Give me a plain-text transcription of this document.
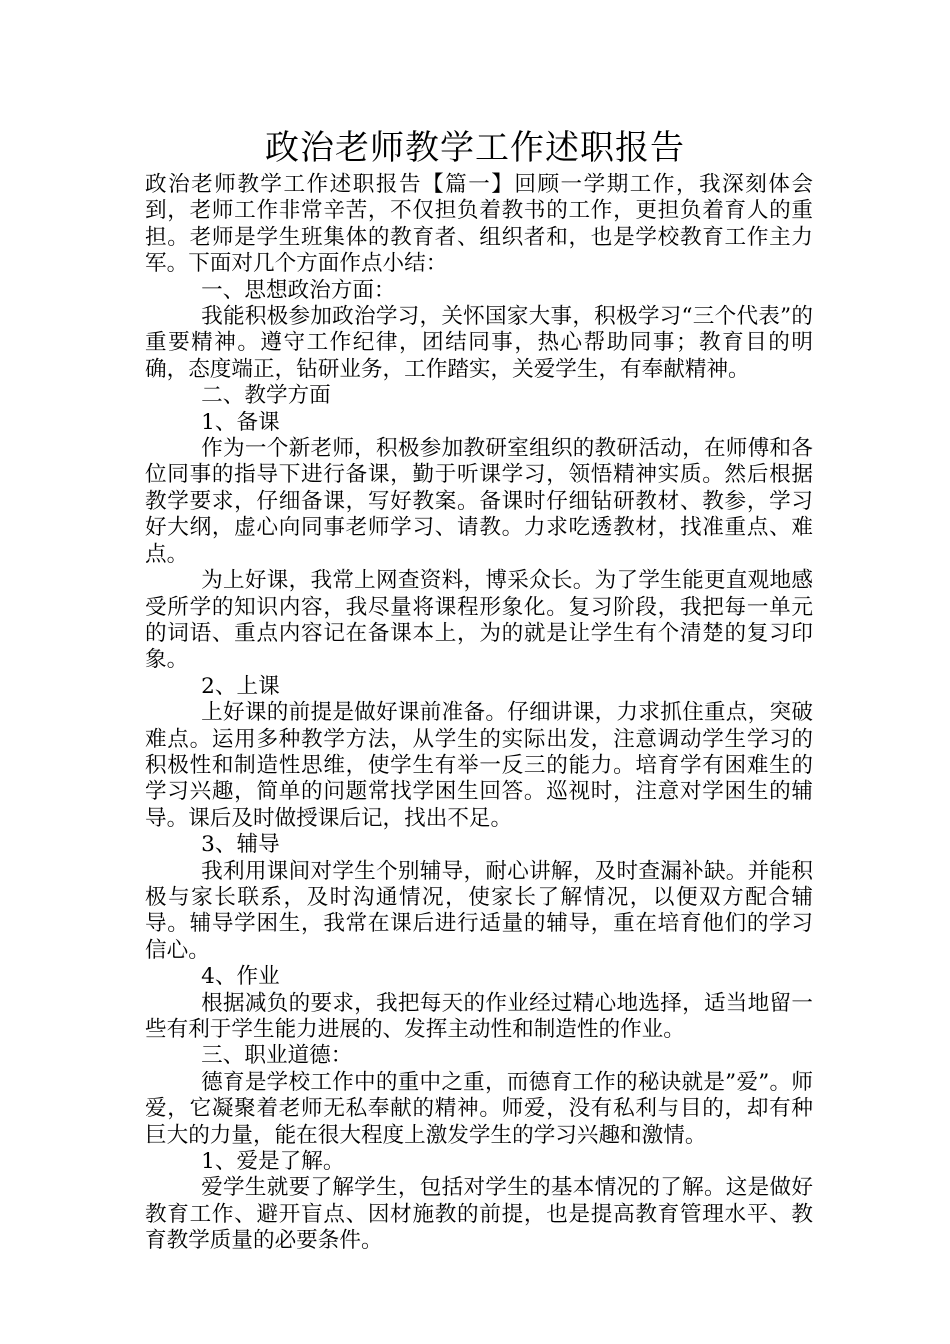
政治老师教学工作述职报告

政治老师教学工作述职报告【篇一】回顾一学期工作，我深刻体会到，老师工作非常辛苦，不仅担负着教书的工作，更担负着育人的重担。老师是学生班集体的教育者、组织者和，也是学校教育工作主力军。下面对几个方面作点小结：

一、思想政治方面：

我能积极参加政治学习，关怀国家大事，积极学习“三个代表”的重要精神。遵守工作纪律，团结同事，热心帮助同事；教育目的明确，态度端正，钻研业务，工作踏实，关爱学生，有奉献精神。

二、教学方面

1、备课

作为一个新老师，积极参加教研室组织的教研活动，在师傅和各位同事的指导下进行备课，勤于听课学习，领悟精神实质。然后根据教学要求，仔细备课，写好教案。备课时仔细钻研教材、教参，学习好大纲，虚心向同事老师学习、请教。力求吃透教材，找准重点、难点。

为上好课，我常上网查资料，博采众长。为了学生能更直观地感受所学的知识内容，我尽量将课程形象化。复习阶段，我把每一单元的词语、重点内容记在备课本上，为的就是让学生有个清楚的复习印象。

2、上课

上好课的前提是做好课前准备。仔细讲课，力求抓住重点，突破难点。运用多种教学方法，从学生的实际出发，注意调动学生学习的积极性和制造性思维，使学生有举一反三的能力。培育学有困难生的学习兴趣，简单的问题常找学困生回答。巡视时，注意对学困生的辅导。课后及时做授课后记，找出不足。

3、辅导

我利用课间对学生个别辅导，耐心讲解，及时查漏补缺。并能积极与家长联系，及时沟通情况，使家长了解情况，以便双方配合辅导。辅导学困生，我常在课后进行适量的辅导，重在培育他们的学习信心。

4、作业

根据减负的要求，我把每天的作业经过精心地选择，适当地留一些有利于学生能力进展的、发挥主动性和制造性的作业。

三、职业道德：

德育是学校工作中的重中之重，而德育工作的秘诀就是”爱”。师爱，它凝聚着老师无私奉献的精神。师爱，没有私利与目的，却有种巨大的力量，能在很大程度上激发学生的学习兴趣和激情。

1、爱是了解。

爱学生就要了解学生，包括对学生的基本情况的了解。这是做好教育工作、避开盲点、因材施教的前提，也是提高教育管理水平、教育教学质量的必要条件。
